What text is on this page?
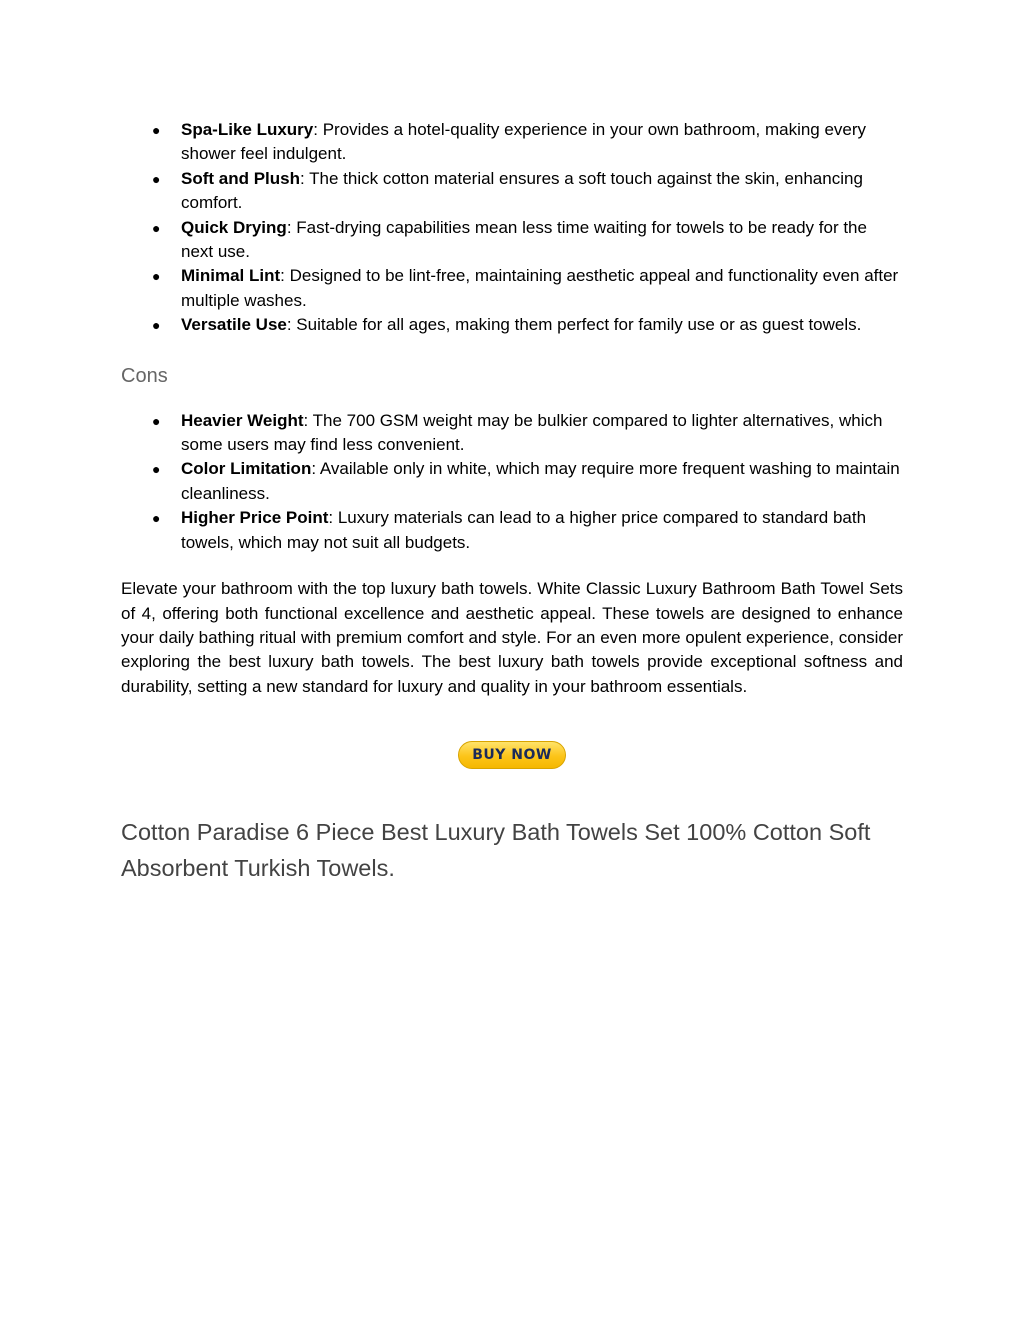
● Spa-Like Luxury: Provides a hotel-quality experience in your own bathroom, making every shower feel indulgent.
● Soft and Plush: The thick cotton material ensures a soft touch against the skin, enhancing comfort.
● Quick Drying: Fast-drying capabilities mean less time waiting for towels to be ready for the next use.
● Minimal Lint: Designed to be lint-free, maintaining aesthetic appeal and functionality even after multiple washes.
● Versatile Use: Suitable for all ages, making them perfect for family use or as guest towels.
Cons
● Heavier Weight: The 700 GSM weight may be bulkier compared to lighter alternatives, which some users may find less convenient.
● Color Limitation: Available only in white, which may require more frequent washing to maintain cleanliness.
● Higher Price Point: Luxury materials can lead to a higher price compared to standard bath towels, which may not suit all budgets.

Elevate your bathroom with the top luxury bath towels. White Classic Luxury Bathroom Bath Towel Sets of 4, offering both functional excellence and aesthetic appeal. These towels are designed to enhance your daily bathing ritual with premium comfort and style. For an even more opulent experience, consider exploring the best luxury bath towels. The best luxury bath towels provide exceptional softness and durability, setting a new standard for luxury and quality in your bathroom essentials.

BUY NOW
Cotton Paradise 6 Piece Best Luxury Bath Towels Set 100% Cotton Soft Absorbent Turkish Towels.
